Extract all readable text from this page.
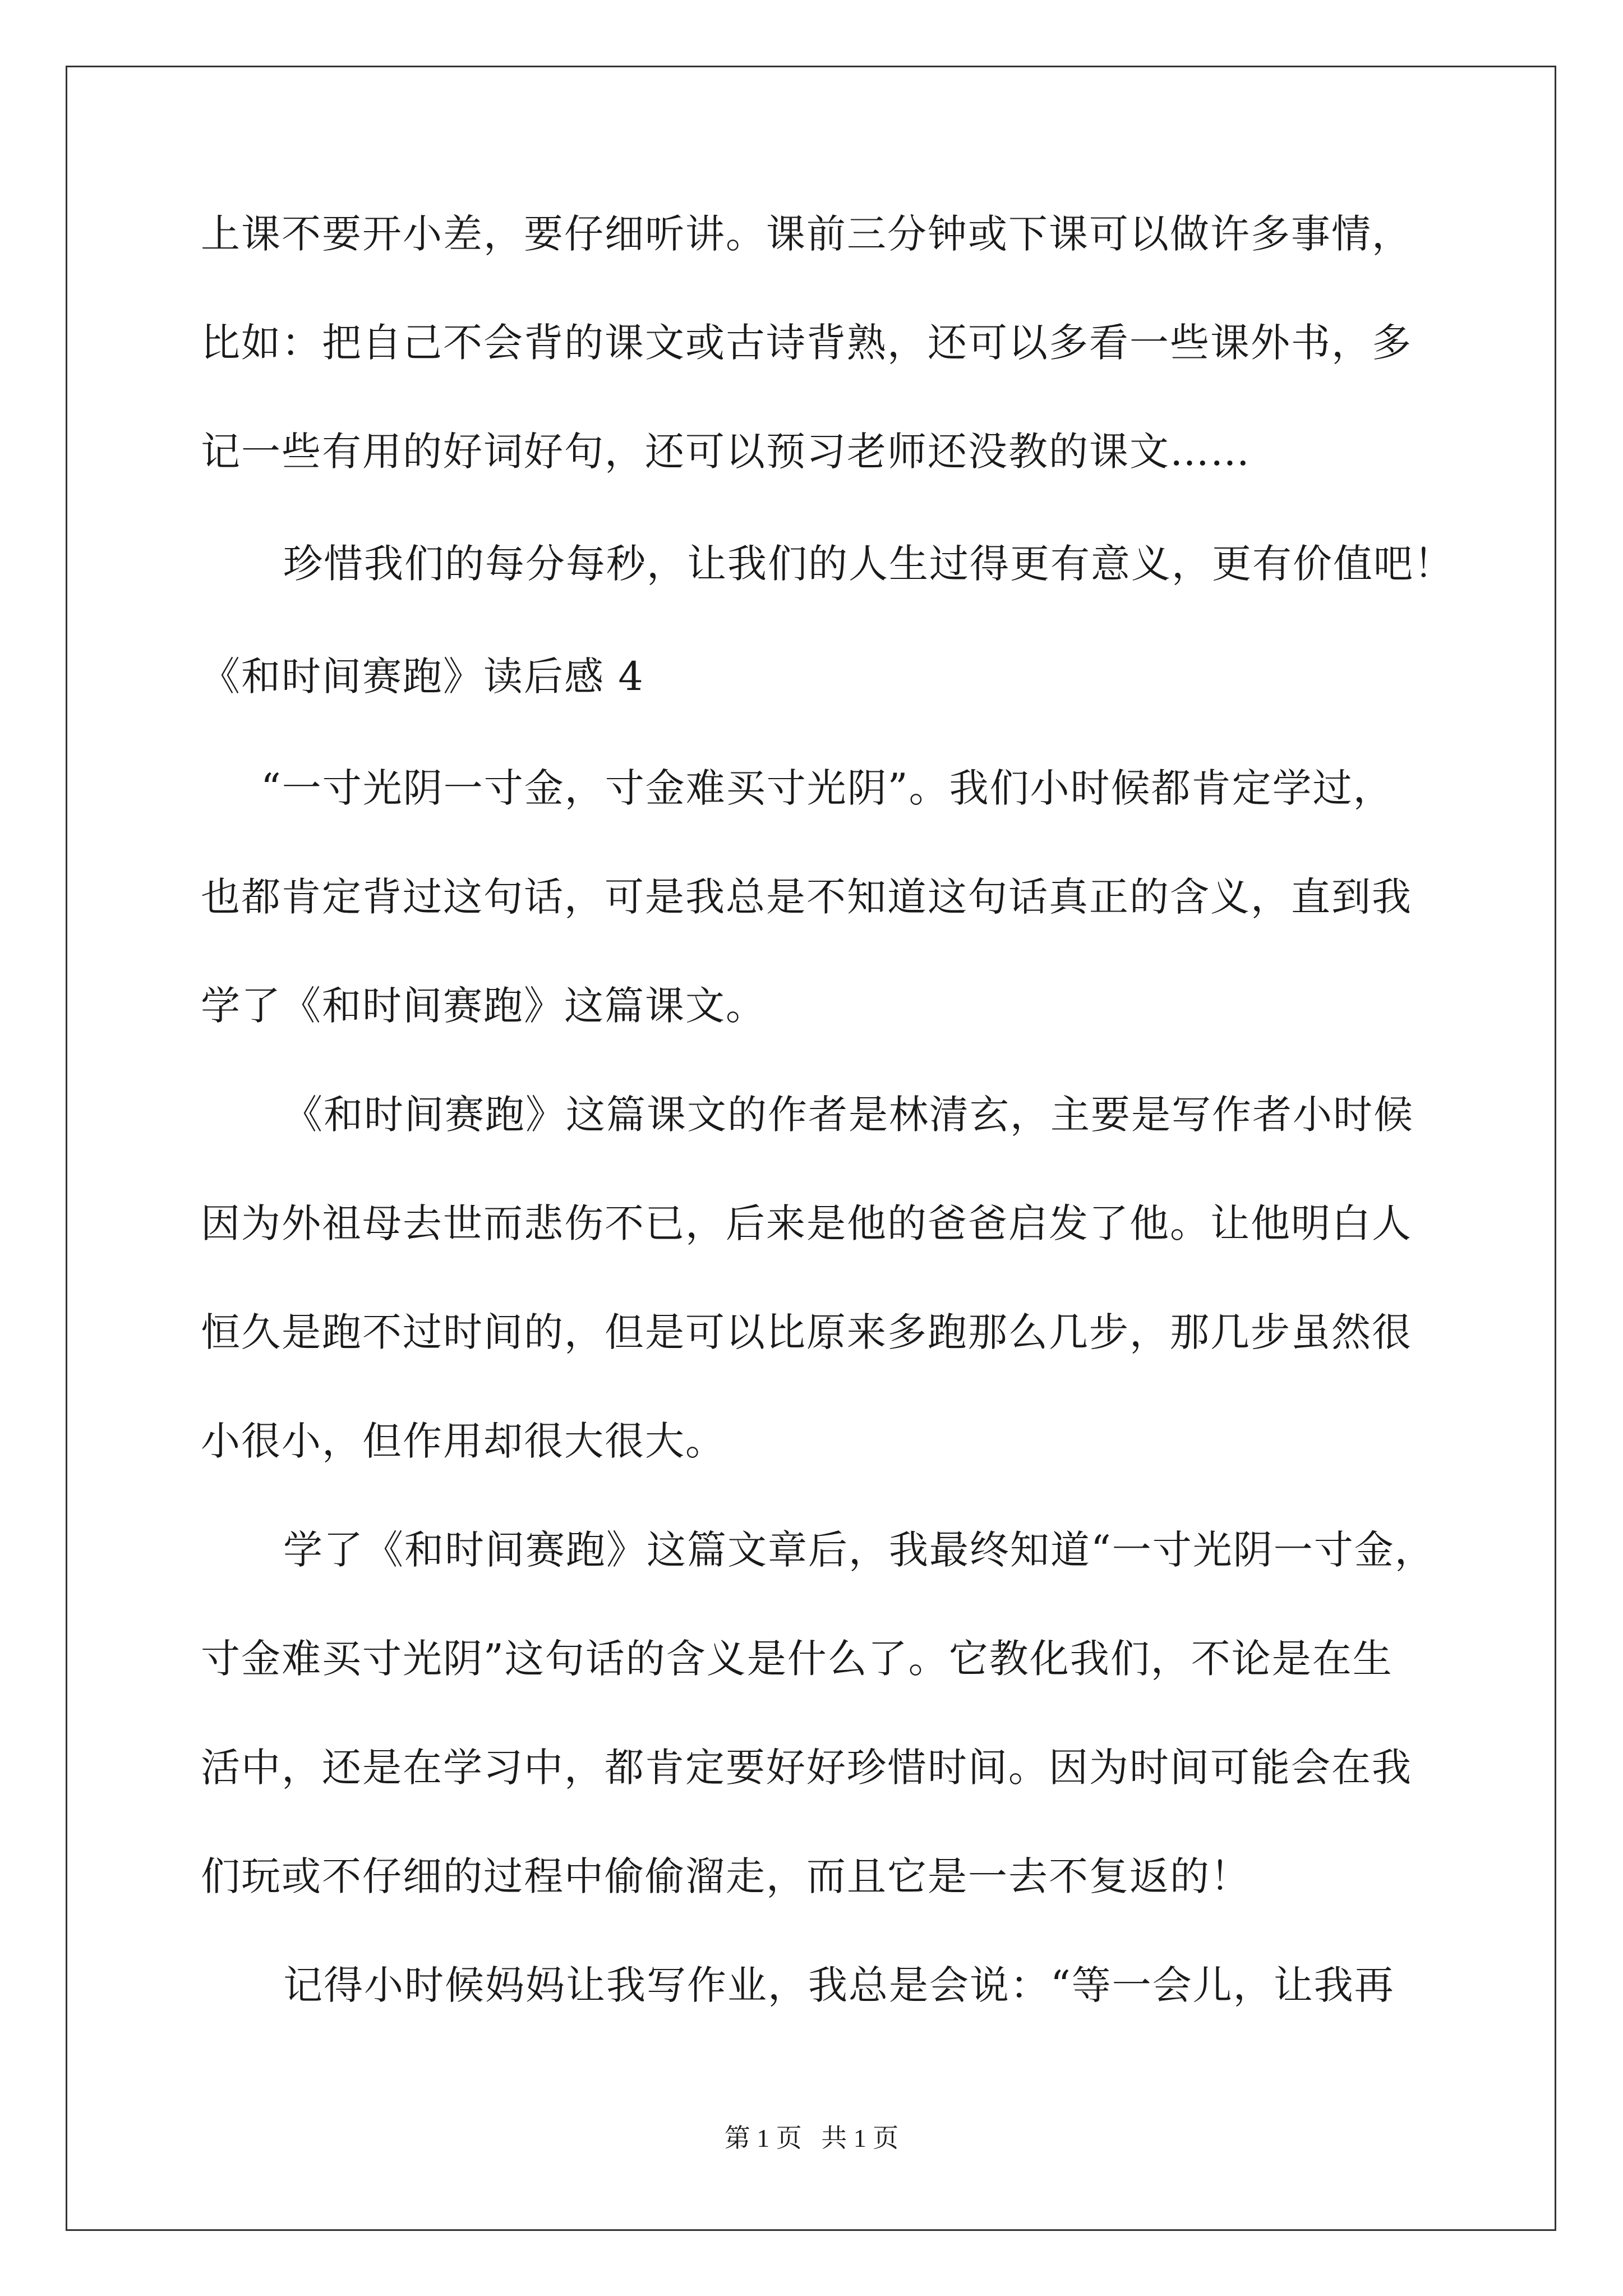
上课不要开小差，要仔细听讲。课前三分钟或下课可以做许多事情，
比如：把自己不会背的课文或古诗背熟，还可以多看一些课外书，多
记一些有用的好词好句，还可以预习老师还没教的课文……
珍惜我们的每分每秒，让我们的人生过得更有意义，更有价值吧！
《和时间赛跑》读后感 4
“一寸光阴一寸金，寸金难买寸光阴”。我们小时候都肯定学过，
也都肯定背过这句话，可是我总是不知道这句话真正的含义，直到我
学了《和时间赛跑》这篇课文。
《和时间赛跑》这篇课文的作者是林清玄，主要是写作者小时候
因为外祖母去世而悲伤不已，后来是他的爸爸启发了他。让他明白人
恒久是跑不过时间的，但是可以比原来多跑那么几步，那几步虽然很
小很小，但作用却很大很大。
学了《和时间赛跑》这篇文章后，我最终知道“一寸光阴一寸金，
寸金难买寸光阴”这句话的含义是什么了。它教化我们，不论是在生
活中，还是在学习中，都肯定要好好珍惜时间。因为时间可能会在我
们玩或不仔细的过程中偷偷溜走，而且它是一去不复返的！
记得小时候妈妈让我写作业，我总是会说：“等一会儿，让我再
第 1 页   共 1 页
